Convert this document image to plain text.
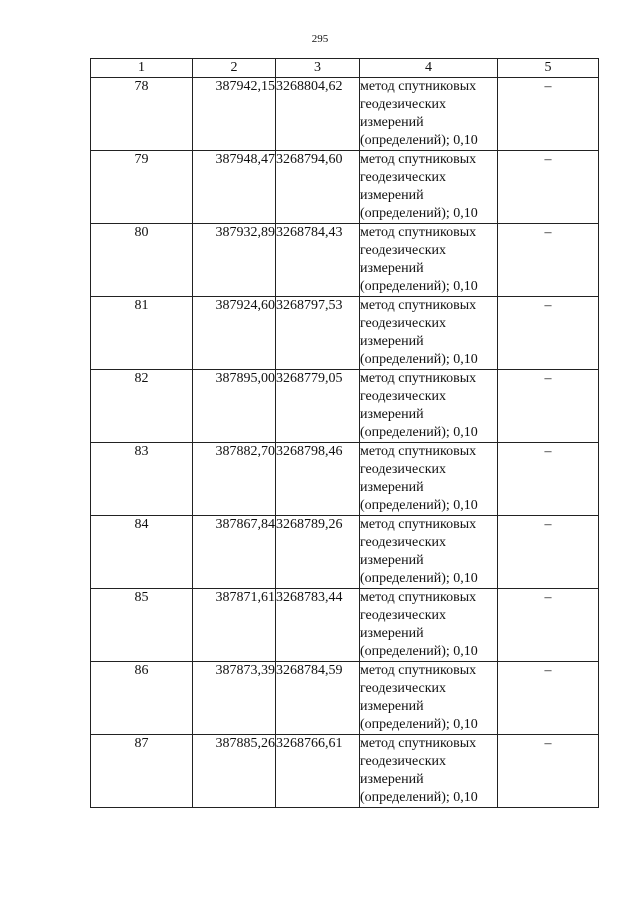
295
1	2	3	4	5
78	387942,15	3268804,62	метод спутниковых
геодезических
измерений
(определений); 0,10	–
79	387948,47	3268794,60	метод спутниковых
геодезических
измерений
(определений); 0,10	–
80	387932,89	3268784,43	метод спутниковых
геодезических
измерений
(определений); 0,10	–
81	387924,60	3268797,53	метод спутниковых
геодезических
измерений
(определений); 0,10	–
82	387895,00	3268779,05	метод спутниковых
геодезических
измерений
(определений); 0,10	–
83	387882,70	3268798,46	метод спутниковых
геодезических
измерений
(определений); 0,10	–
84	387867,84	3268789,26	метод спутниковых
геодезических
измерений
(определений); 0,10	–
85	387871,61	3268783,44	метод спутниковых
геодезических
измерений
(определений); 0,10	–
86	387873,39	3268784,59	метод спутниковых
геодезических
измерений
(определений); 0,10	–
87	387885,26	3268766,61	метод спутниковых
геодезических
измерений
(определений); 0,10	–
